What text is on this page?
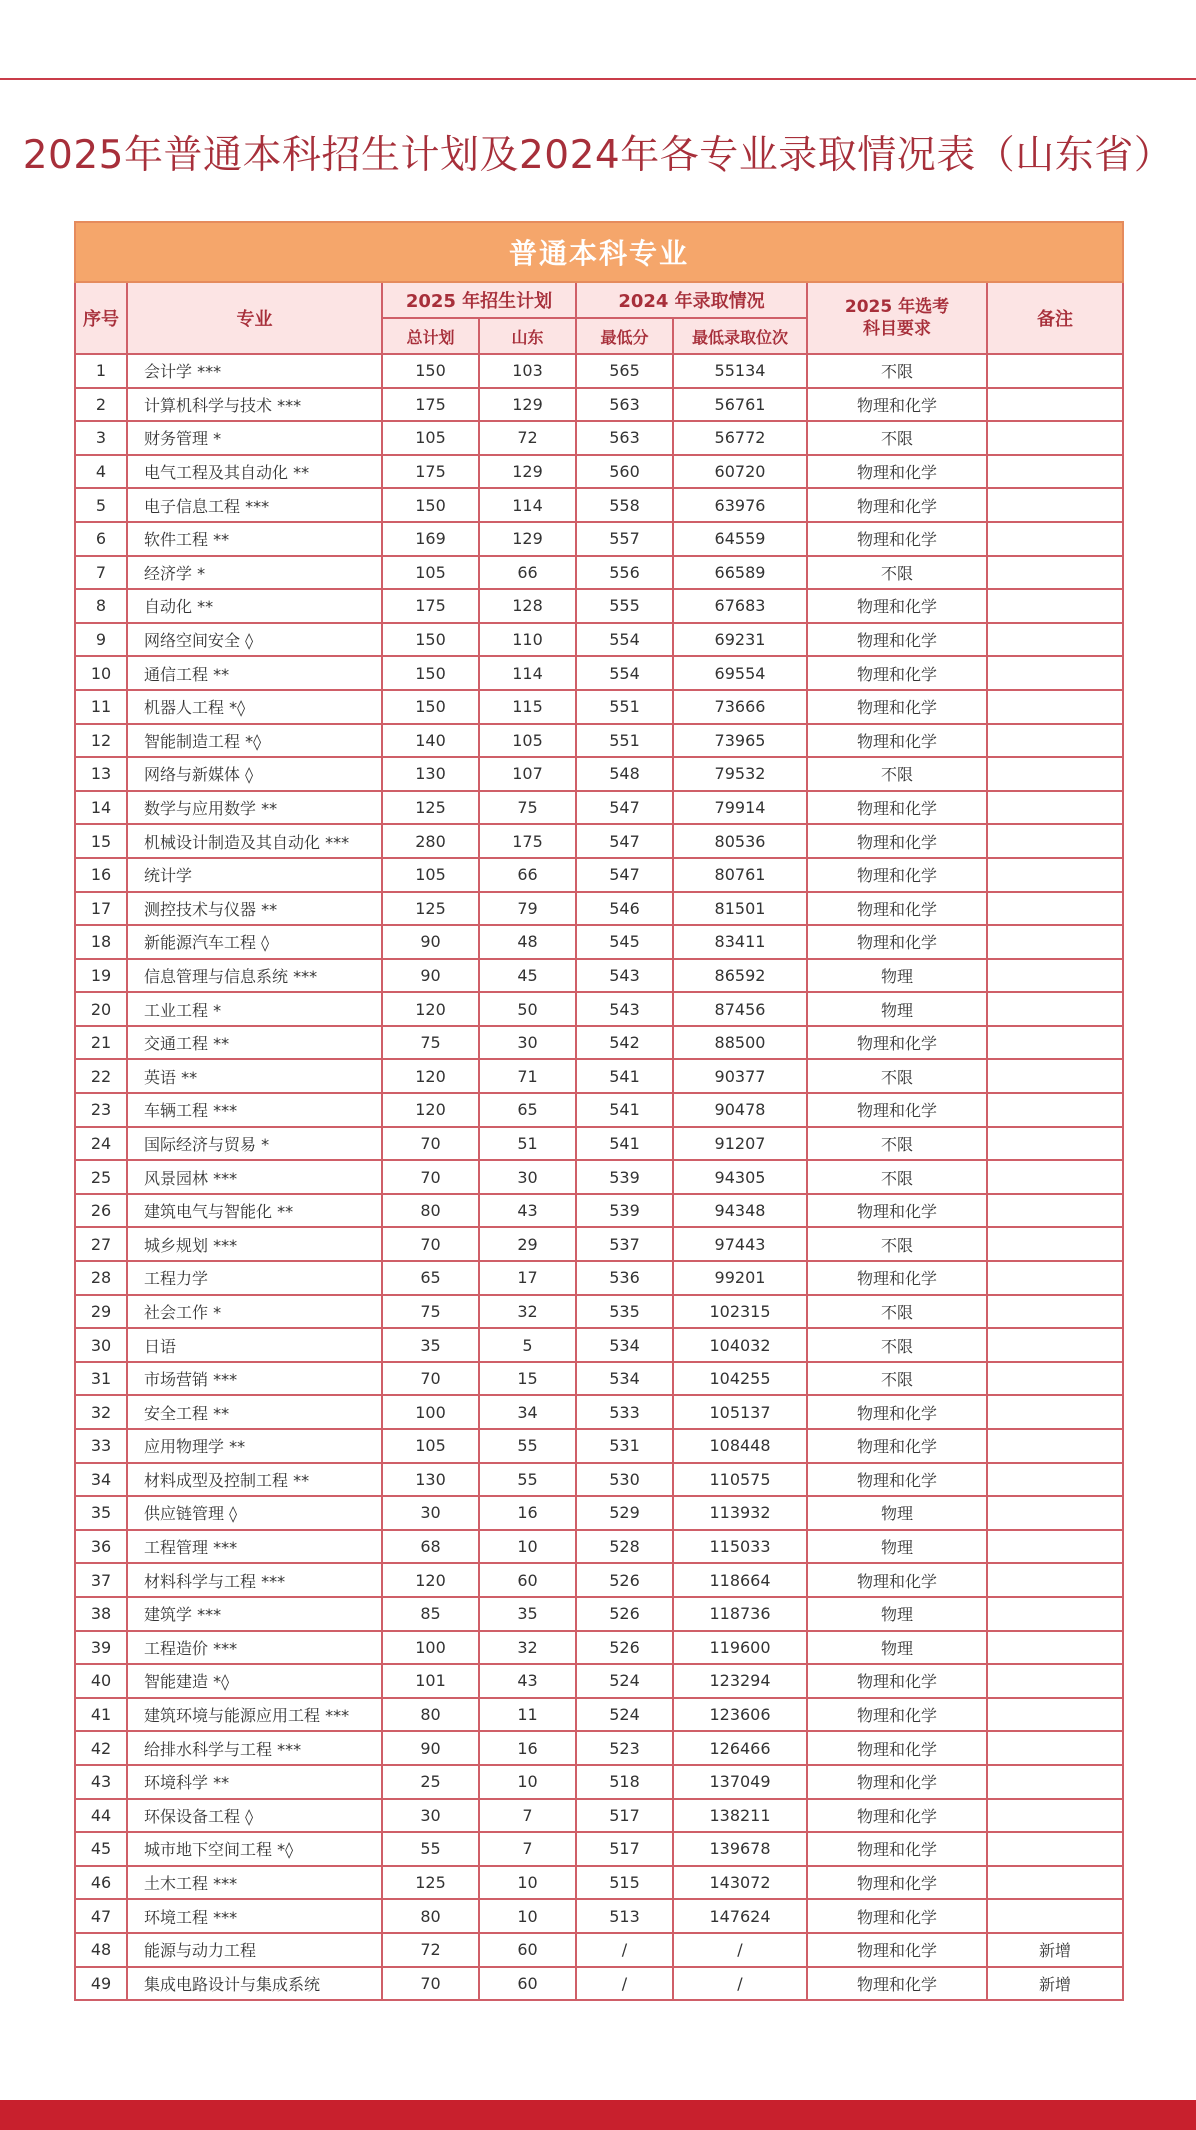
2025年普通本科招生计划及2024年各专业录取情况表（山东省）
普通本科专业							
序号	专业	2025 年招生计划		2024 年录取情况		2025 年选考
科目要求	备注
		总计划	山东	最低分	最低录取位次		
1	会计学 ***	150	103	565	55134	不限	
2	计算机科学与技术 ***	175	129	563	56761	物理和化学	
3	财务管理 *	105	72	563	56772	不限	
4	电气工程及其自动化 **	175	129	560	60720	物理和化学	
5	电子信息工程 ***	150	114	558	63976	物理和化学	
6	软件工程 **	169	129	557	64559	物理和化学	
7	经济学 *	105	66	556	66589	不限	
8	自动化 **	175	128	555	67683	物理和化学	
9	网络空间安全 ◊	150	110	554	69231	物理和化学	
10	通信工程 **	150	114	554	69554	物理和化学	
11	机器人工程 *◊	150	115	551	73666	物理和化学	
12	智能制造工程 *◊	140	105	551	73965	物理和化学	
13	网络与新媒体 ◊	130	107	548	79532	不限	
14	数学与应用数学 **	125	75	547	79914	物理和化学	
15	机械设计制造及其自动化 ***	280	175	547	80536	物理和化学	
16	统计学	105	66	547	80761	物理和化学	
17	测控技术与仪器 **	125	79	546	81501	物理和化学	
18	新能源汽车工程 ◊	90	48	545	83411	物理和化学	
19	信息管理与信息系统 ***	90	45	543	86592	物理	
20	工业工程 *	120	50	543	87456	物理	
21	交通工程 **	75	30	542	88500	物理和化学	
22	英语 **	120	71	541	90377	不限	
23	车辆工程 ***	120	65	541	90478	物理和化学	
24	国际经济与贸易 *	70	51	541	91207	不限	
25	风景园林 ***	70	30	539	94305	不限	
26	建筑电气与智能化 **	80	43	539	94348	物理和化学	
27	城乡规划 ***	70	29	537	97443	不限	
28	工程力学	65	17	536	99201	物理和化学	
29	社会工作 *	75	32	535	102315	不限	
30	日语	35	5	534	104032	不限	
31	市场营销 ***	70	15	534	104255	不限	
32	安全工程 **	100	34	533	105137	物理和化学	
33	应用物理学 **	105	55	531	108448	物理和化学	
34	材料成型及控制工程 **	130	55	530	110575	物理和化学	
35	供应链管理 ◊	30	16	529	113932	物理	
36	工程管理 ***	68	10	528	115033	物理	
37	材料科学与工程 ***	120	60	526	118664	物理和化学	
38	建筑学 ***	85	35	526	118736	物理	
39	工程造价 ***	100	32	526	119600	物理	
40	智能建造 *◊	101	43	524	123294	物理和化学	
41	建筑环境与能源应用工程 ***	80	11	524	123606	物理和化学	
42	给排水科学与工程 ***	90	16	523	126466	物理和化学	
43	环境科学 **	25	10	518	137049	物理和化学	
44	环保设备工程 ◊	30	7	517	138211	物理和化学	
45	城市地下空间工程 *◊	55	7	517	139678	物理和化学	
46	土木工程 ***	125	10	515	143072	物理和化学	
47	环境工程 ***	80	10	513	147624	物理和化学	
48	能源与动力工程	72	60	/	/	物理和化学	新增
49	集成电路设计与集成系统	70	60	/	/	物理和化学	新增
